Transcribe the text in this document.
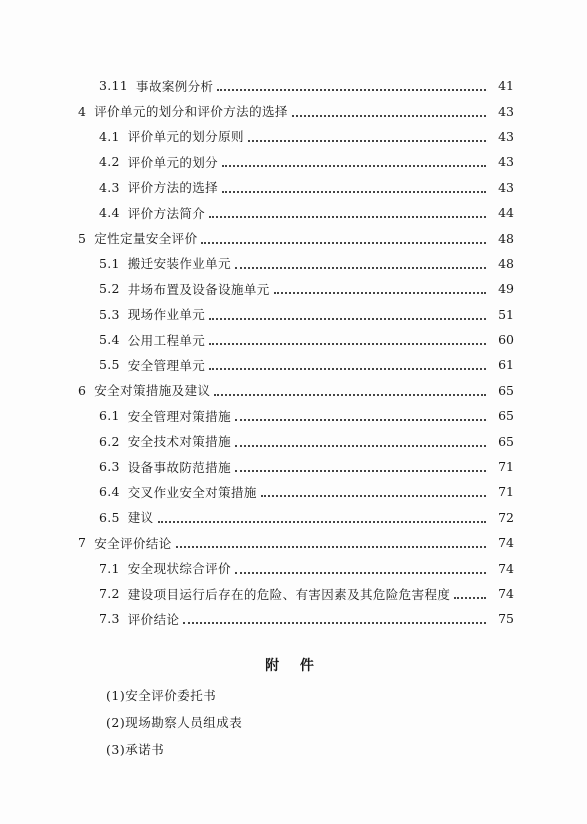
3.11 事故案例分析	41
4 评价单元的划分和评价方法的选择	43
4.1 评价单元的划分原则	43
4.2 评价单元的划分	43
4.3 评价方法的选择	43
4.4 评价方法简介	44
5 定性定量安全评价	48
5.1 搬迁安装作业单元	48
5.2 井场布置及设备设施单元	49
5.3 现场作业单元	51
5.4 公用工程单元	60
5.5 安全管理单元	61
6 安全对策措施及建议	65
6.1 安全管理对策措施	65
6.2 安全技术对策措施	65
6.3 设备事故防范措施	71
6.4 交叉作业安全对策措施	71
6.5 建议	72
7 安全评价结论	74
7.1 安全现状综合评价	74
7.2 建设项目运行后存在的危险、有害因素及其危险危害程度	74
7.3 评价结论	75
附 件
(1)安全评价委托书
(2)现场勘察人员组成表
(3)承诺书
